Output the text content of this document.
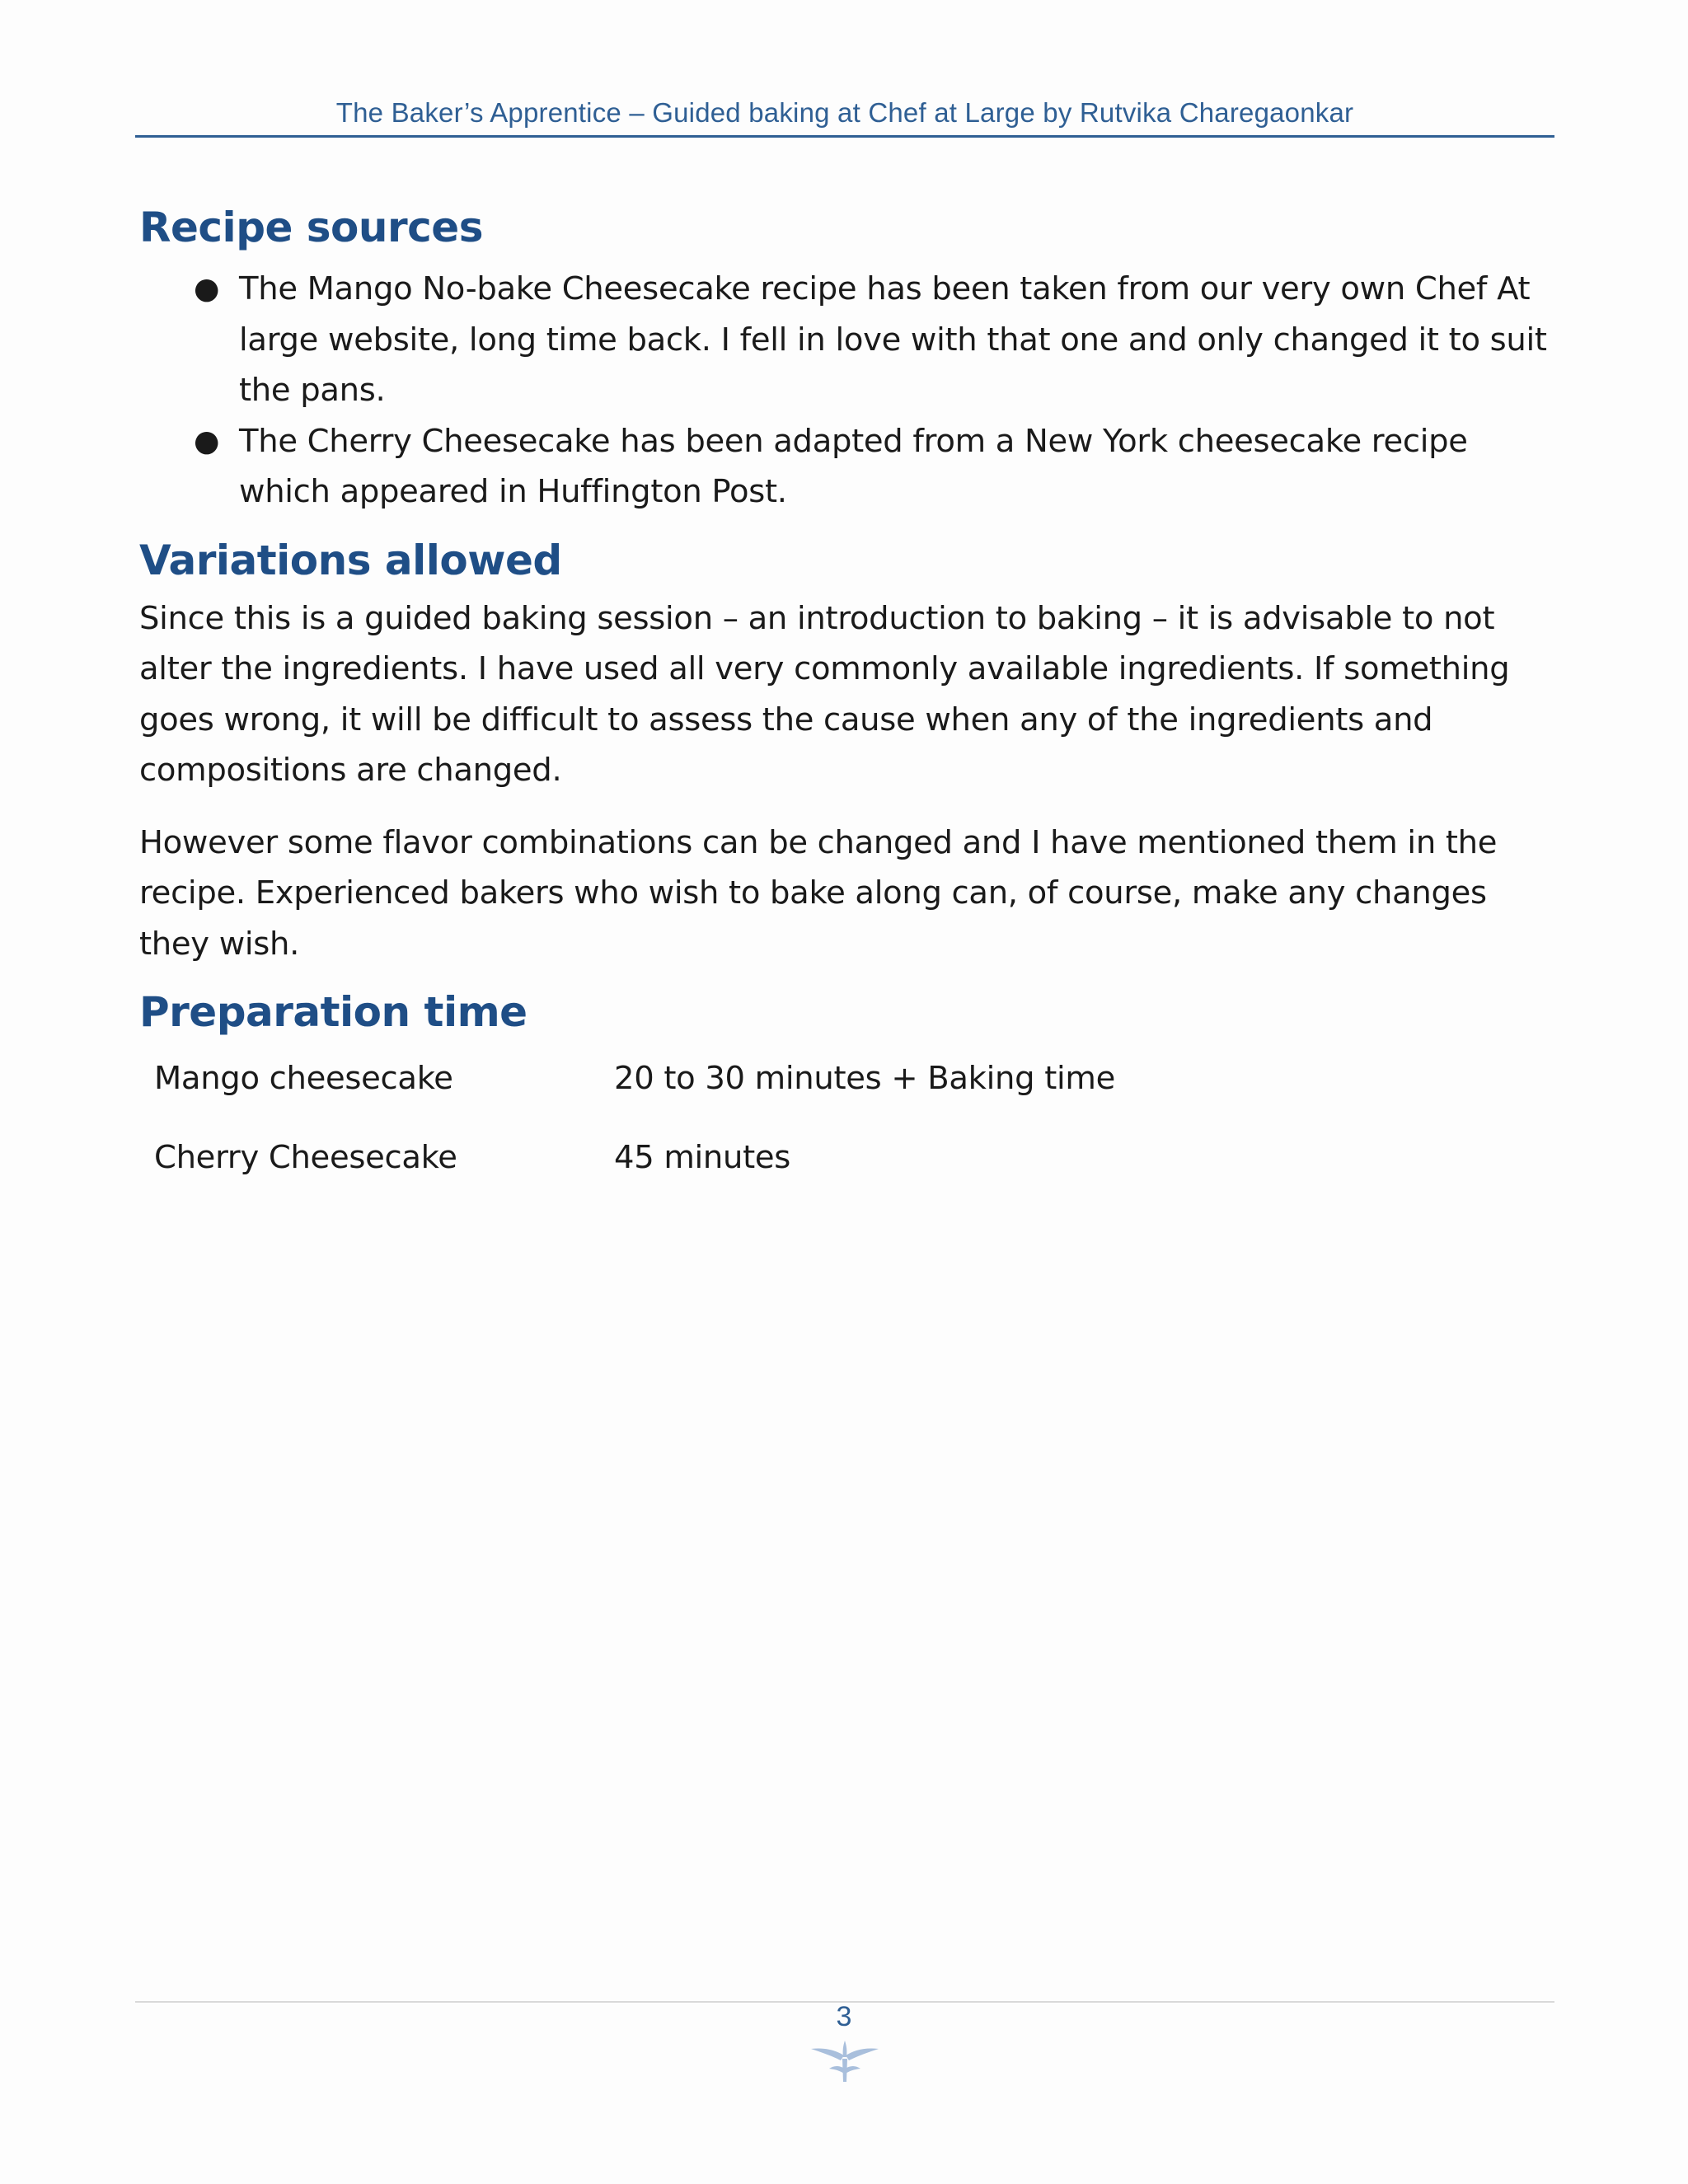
The Baker’s Apprentice – Guided baking at Chef at Large by Rutvika Charegaonkar
Recipe sources
● The Mango No-bake Cheesecake recipe has been taken from our very own Chef At large website, long time back. I fell in love with that one and only changed it to suit the pans.
● The Cherry Cheesecake has been adapted from a New York cheesecake recipe which appeared in Huffington Post.
Variations allowed

Since this is a guided baking session – an introduction to baking – it is advisable to not alter the ingredients. I have used all very commonly available ingredients. If something goes wrong, it will be difficult to assess the cause when any of the ingredients and compositions are changed.

However some flavor combinations can be changed and I have mentioned them in the recipe. Experienced bakers who wish to bake along can, of course, make any changes they wish.

Preparation time
Mango cheesecake	20 to 30 minutes + Baking time
Cherry Cheesecake	45 minutes
3
